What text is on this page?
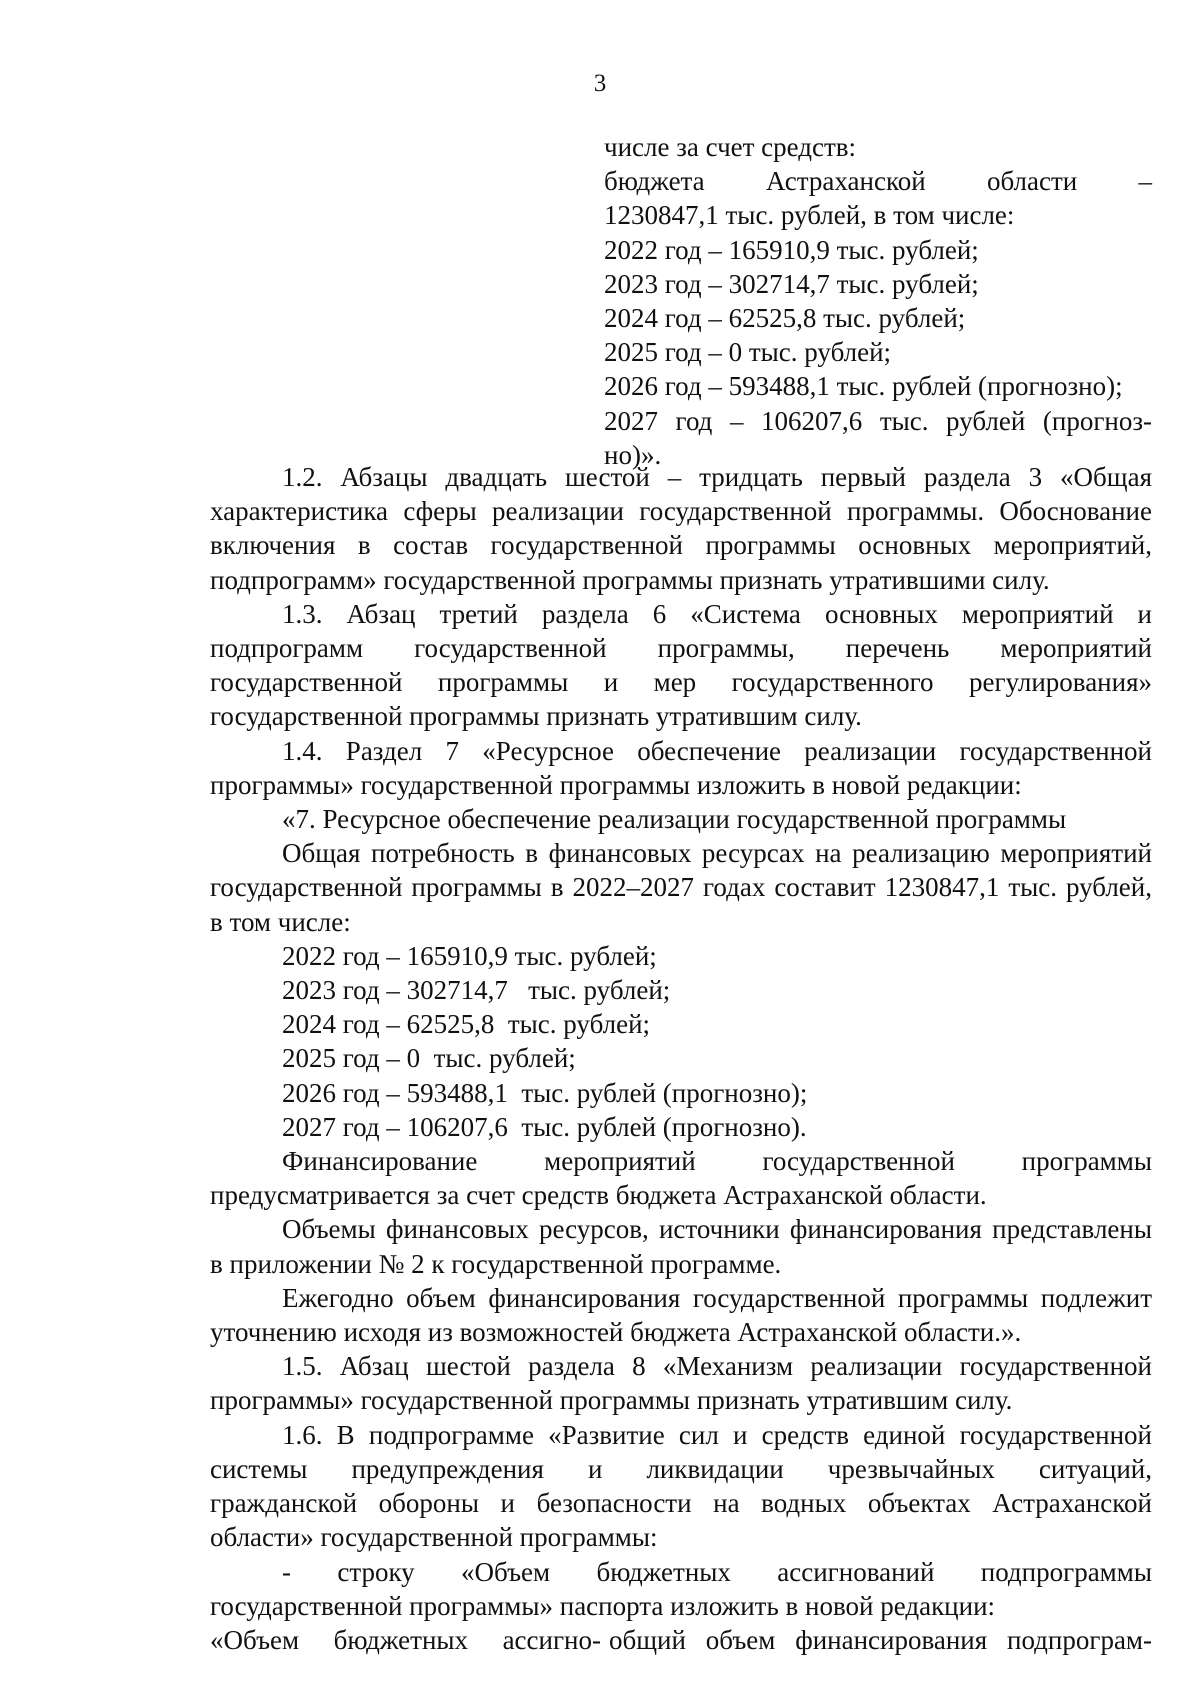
3
числе за счет средств:
бюджета Астраханской области –
1230847,1 тыс. рублей, в том числе:
2022 год – 165910,9 тыс. рублей;
2023 год – 302714,7 тыс. рублей;
2024 год – 62525,8 тыс. рублей;
2025 год – 0 тыс. рублей;
2026 год – 593488,1 тыс. рублей (прогнозно);
2027 год – 106207,6 тыс. рублей (прогноз-
но)».

1.2. Абзацы двадцать шестой – тридцать первый раздела 3 «Общая характеристика сферы реализации государственной программы. Обоснование включения в состав государственной программы основных мероприятий, подпрограмм» государственной программы признать утратившими силу.

1.3. Абзац третий раздела 6 «Система основных мероприятий и подпрограмм государственной программы, перечень мероприятий государственной программы и мер государственного регулирования» государственной программы признать утратившим силу.

1.4. Раздел 7 «Ресурсное обеспечение реализации государственной программы» государственной программы изложить в новой редакции:

«7. Ресурсное обеспечение реализации государственной программы

Общая потребность в финансовых ресурсах на реализацию мероприятий государственной программы в 2022–2027 годах составит 1230847,1 тыс. рублей, в том числе:

2022 год – 165910,9 тыс. рублей;
2023 год – 302714,7   тыс. рублей;
2024 год – 62525,8  тыс. рублей;
2025 год – 0  тыс. рублей;
2026 год – 593488,1  тыс. рублей (прогнозно);
2027 год – 106207,6  тыс. рублей (прогнозно).

Финансирование мероприятий государственной программы предусматривается за счет средств бюджета Астраханской области.

Объемы финансовых ресурсов, источники финансирования представлены в приложении № 2 к государственной программе.

Ежегодно объем финансирования государственной программы подлежит уточнению исходя из возможностей бюджета Астраханской области.».

1.5. Абзац шестой раздела 8 «Механизм реализации государственной программы» государственной программы признать утратившим силу.

1.6. В подпрограмме «Развитие сил и средств единой государственной

системы предупреждения и ликвидации чрезвычайных ситуаций,

гражданской обороны и безопасности на водных объектах Астраханской области» государственной программы:

- строку «Объем бюджетных ассигнований подпрограммы

государственной программы» паспорта изложить в новой редакции:

«Объем бюджетных ассигно- общий объем финансирования подпрограм-
